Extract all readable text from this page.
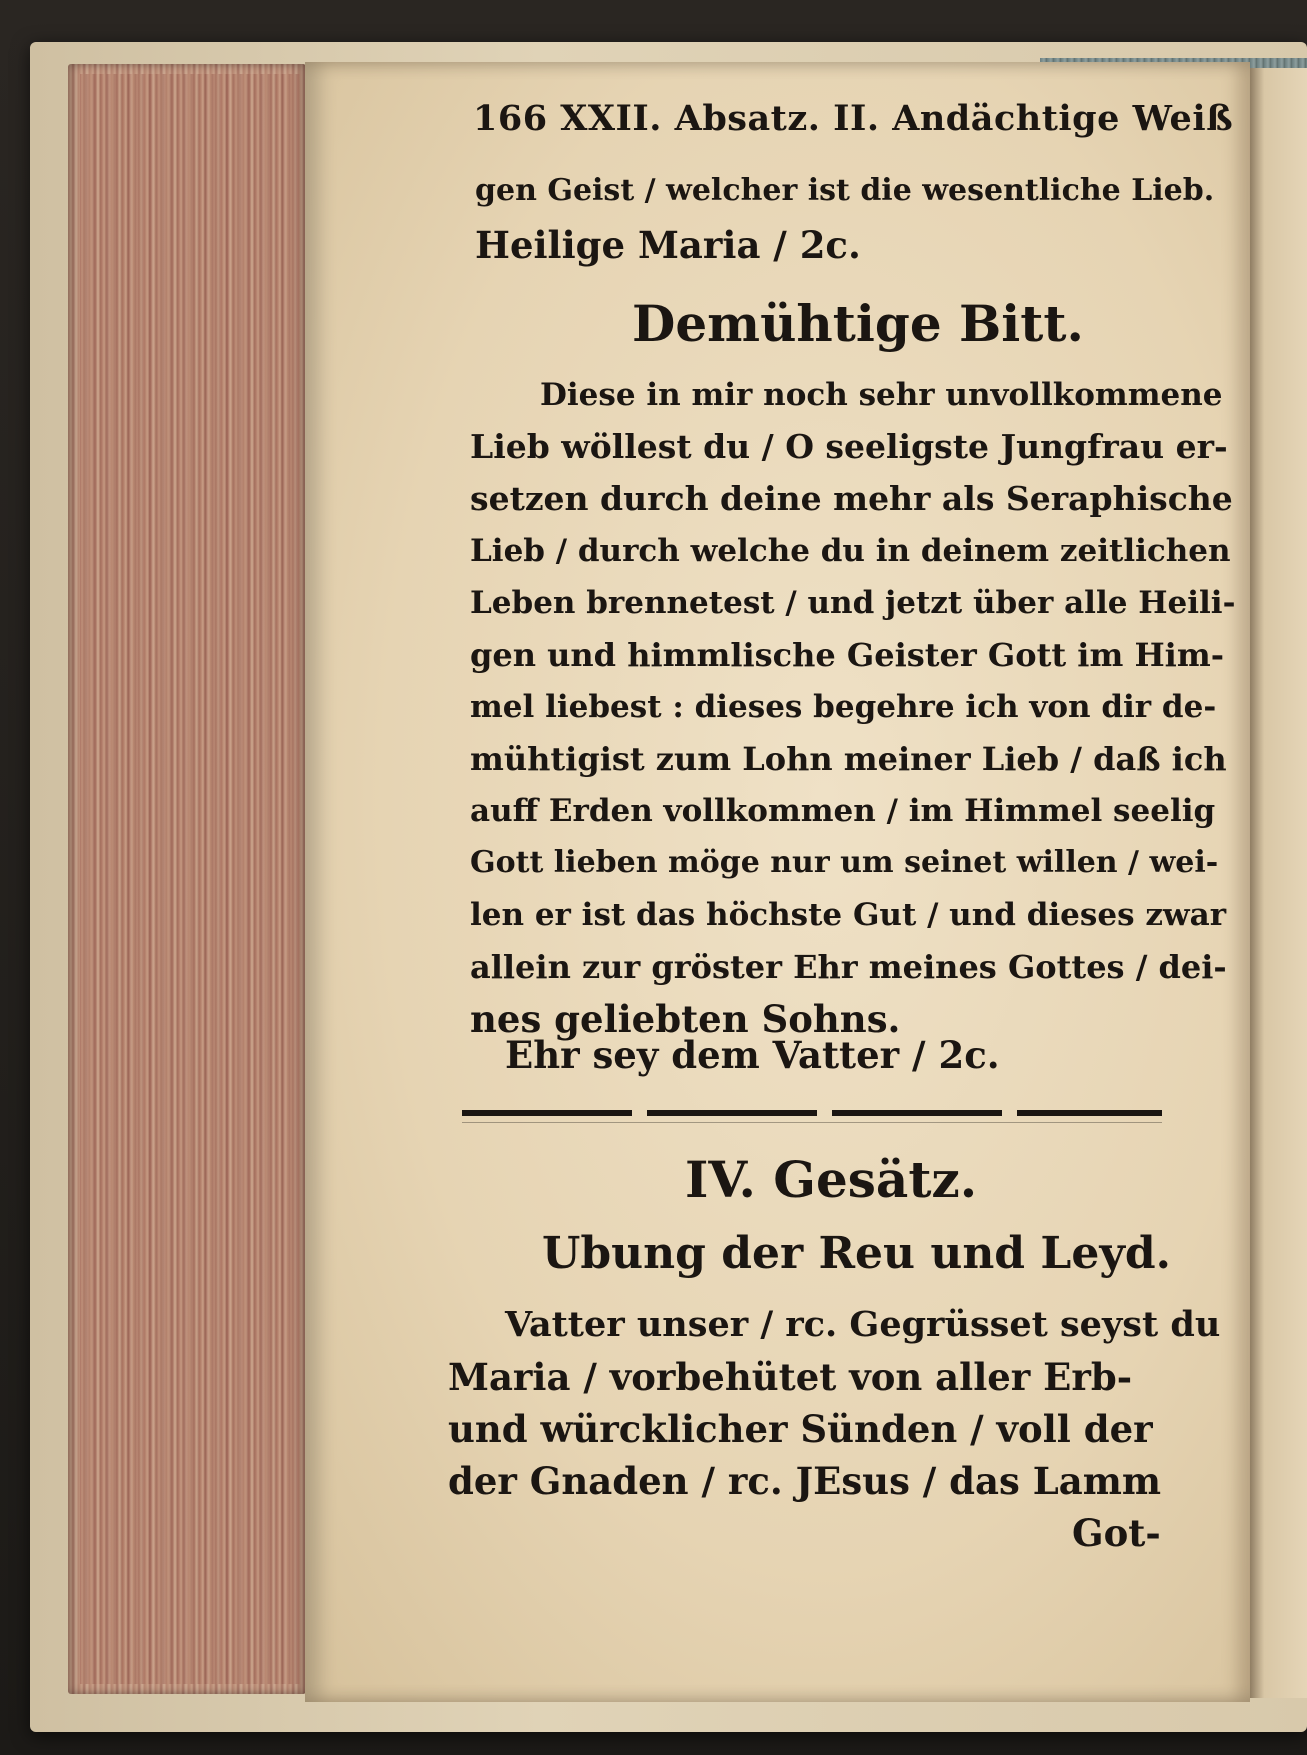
166 XXII. Absatz. II. Andächtige Weiß
gen Geist / welcher ist die wesentliche Lieb.
Heilige Maria / 2c.
Demühtige Bitt.
Diese in mir noch sehr unvollkommene
Lieb wöllest du / O seeligste Jungfrau er-
setzen durch deine mehr als Seraphische
Lieb / durch welche du in deinem zeitlichen
Leben brennetest / und jetzt über alle Heili-
gen und himmlische Geister Gott im Him-
mel liebest : dieses begehre ich von dir de-
mühtigist zum Lohn meiner Lieb / daß ich
auff Erden vollkommen / im Himmel seelig
Gott lieben möge nur um seinet willen / wei-
len er ist das höchste Gut / und dieses zwar
allein zur gröster Ehr meines Gottes / dei-
nes geliebten Sohns.
Ehr sey dem Vatter / 2c.
IV. Gesätz.
Ubung der Reu und Leyd.
Vatter unser / rc. Gegrüsset seyst du
Maria / vorbehütet von aller Erb-
und würcklicher Sünden / voll der
der Gnaden / rc. JEsus / das Lamm
Got-
